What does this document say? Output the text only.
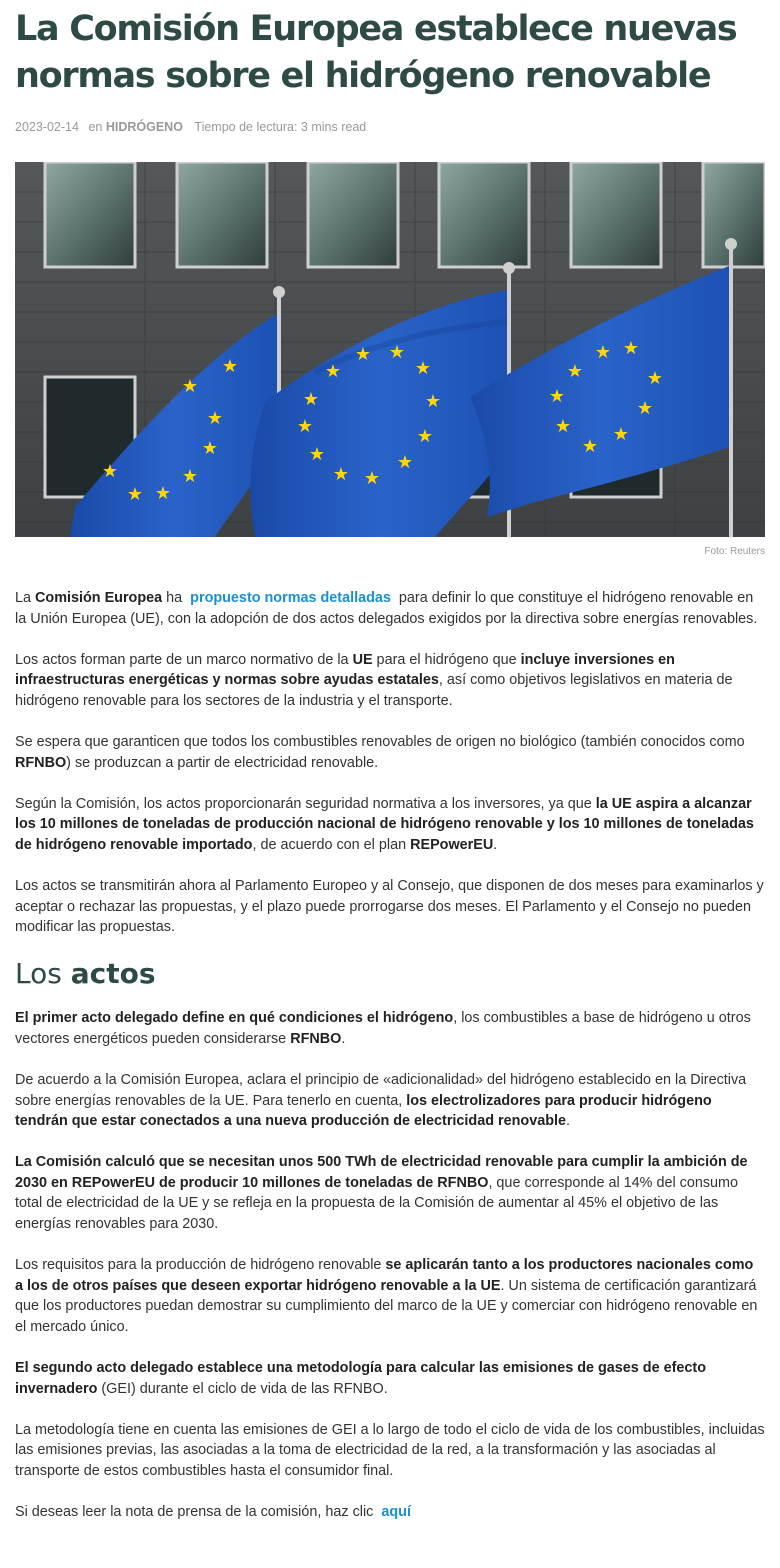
La Comisión Europea establece nuevas normas sobre el hidrógeno renovable
2023-02-14 en HIDRÓGENO Tiempo de lectura: 3 mins read
★
★
★
★
★
★
★
★
★ ★
★
★
★
★
★
★
★
★
★
★
★
★
★
★
★
★
★
★
★
Foto: Reuters

La Comisión Europea ha propuesto normas detalladas para definir lo que constituye el hidrógeno renovable en la Unión Europea (UE), con la adopción de dos actos delegados exigidos por la directiva sobre energías renovables.

Los actos forman parte de un marco normativo de la UE para el hidrógeno que incluye inversiones en infraestructuras energéticas y normas sobre ayudas estatales, así como objetivos legislativos en materia de hidrógeno renovable para los sectores de la industria y el transporte.

Se espera que garanticen que todos los combustibles renovables de origen no biológico (también conocidos como RFNBO) se produzcan a partir de electricidad renovable.

Según la Comisión, los actos proporcionarán seguridad normativa a los inversores, ya que la UE aspira a alcanzar los 10 millones de toneladas de producción nacional de hidrógeno renovable y los 10 millones de toneladas de hidrógeno renovable importado, de acuerdo con el plan REPowerEU.

Los actos se transmitirán ahora al Parlamento Europeo y al Consejo, que disponen de dos meses para examinarlos y aceptar o rechazar las propuestas, y el plazo puede prorrogarse dos meses. El Parlamento y el Consejo no pueden modificar las propuestas.

Los actos

El primer acto delegado define en qué condiciones el hidrógeno, los combustibles a base de hidrógeno u otros vectores energéticos pueden considerarse RFNBO.

De acuerdo a la Comisión Europea, aclara el principio de «adicionalidad» del hidrógeno establecido en la Directiva sobre energías renovables de la UE. Para tenerlo en cuenta, los electrolizadores para producir hidrógeno tendrán que estar conectados a una nueva producción de electricidad renovable.

La Comisión calculó que se necesitan unos 500 TWh de electricidad renovable para cumplir la ambición de 2030 en REPowerEU de producir 10 millones de toneladas de RFNBO, que corresponde al 14% del consumo total de electricidad de la UE y se refleja en la propuesta de la Comisión de aumentar al 45% el objetivo de las energías renovables para 2030.

Los requisitos para la producción de hidrógeno renovable se aplicarán tanto a los productores nacionales como a los de otros países que deseen exportar hidrógeno renovable a la UE. Un sistema de certificación garantizará que los productores puedan demostrar su cumplimiento del marco de la UE y comerciar con hidrógeno renovable en el mercado único.

El segundo acto delegado establece una metodología para calcular las emisiones de gases de efecto invernadero (GEI) durante el ciclo de vida de las RFNBO.

La metodología tiene en cuenta las emisiones de GEI a lo largo de todo el ciclo de vida de los combustibles, incluidas las emisiones previas, las asociadas a la toma de electricidad de la red, a la transformación y las asociadas al transporte de estos combustibles hasta el consumidor final.

Si deseas leer la nota de prensa de la comisión, haz clic aquí
